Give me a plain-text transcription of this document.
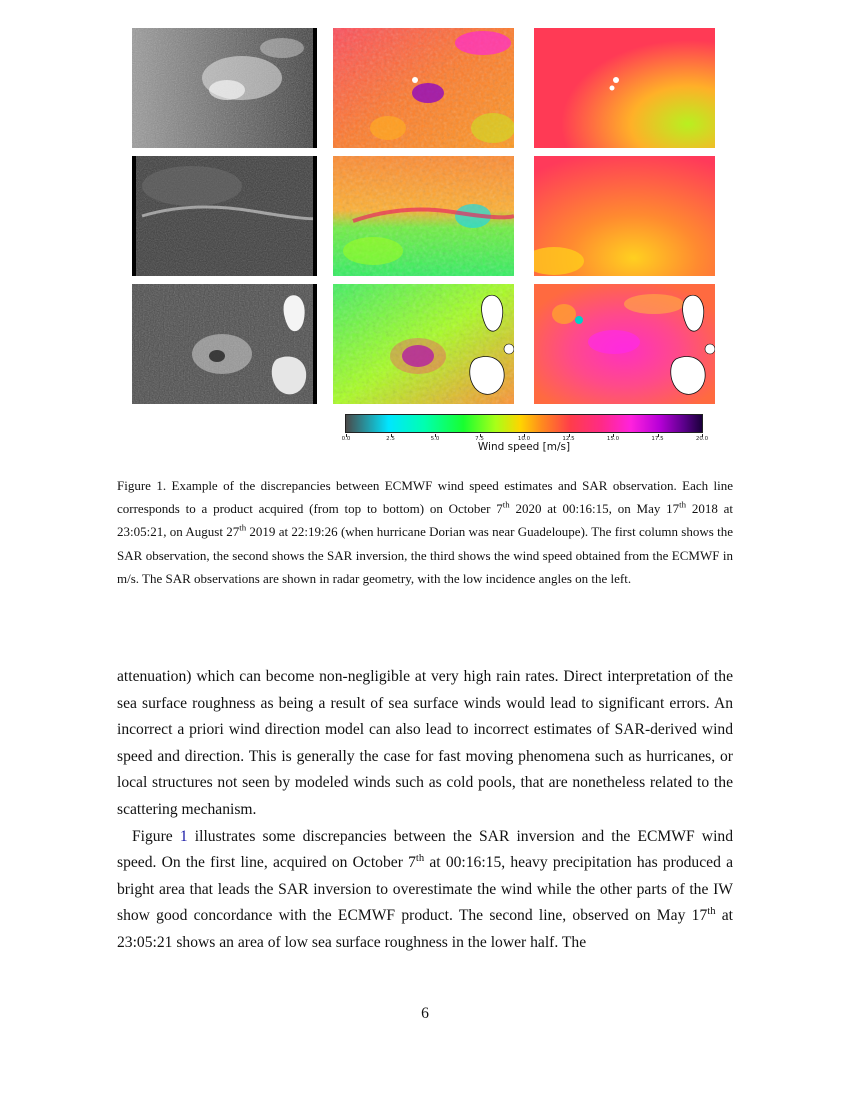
0.0	2.5	5.0	7.5	10.0	12.5	15.0	17.5	20.0
Wind speed [m/s]
Figure 1. Example of the discrepancies between ECMWF wind speed estimates and SAR observation. Each line corresponds to a product acquired (from top to bottom) on October 7th 2020 at 00:16:15, on May 17th 2018 at 23:05:21, on August 27th 2019 at 22:19:26 (when hurricane Dorian was near Guadeloupe). The first column shows the SAR observation, the second shows the SAR inversion, the third shows the wind speed obtained from the ECMWF in m/s. The SAR observations are shown in radar geometry, with the low incidence angles on the left.

attenuation) which can become non-negligible at very high rain rates. Direct interpretation of the sea surface roughness as being a result of sea surface winds would lead to significant errors. An incorrect a priori wind direction model can also lead to incorrect estimates of SAR-derived wind speed and direction. This is generally the case for fast moving phenomena such as hurricanes, or local structures not seen by modeled winds such as cold pools, that are nonetheless related to the scattering mechanism.

Figure 1 illustrates some discrepancies between the SAR inversion and the ECMWF wind speed. On the first line, acquired on October 7th at 00:16:15, heavy precipitation has produced a bright area that leads the SAR inversion to overestimate the wind while the other parts of the IW show good concordance with the ECMWF product. The second line, observed on May 17th at 23:05:21 shows an area of low sea surface roughness in the lower half. The

6
